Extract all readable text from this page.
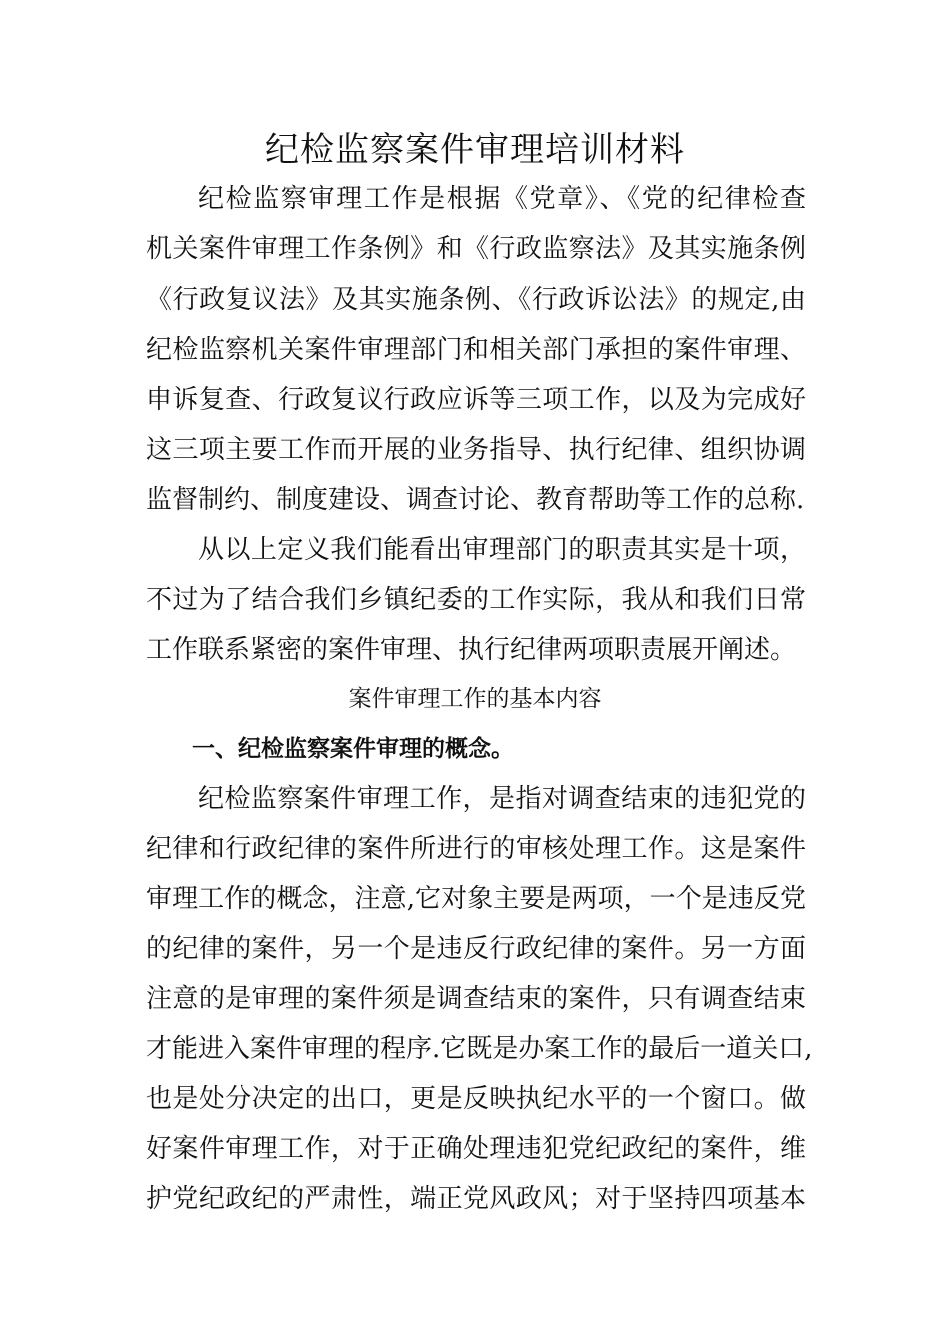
纪检监察案件审理培训材料
纪检监察审理工作是根据《党章》、《党的纪律检查
机关案件审理工作条例》和《行政监察法》及其实施条例
《行政复议法》及其实施条例、《行政诉讼法》的规定,由
纪检监察机关案件审理部门和相关部门承担的案件审理、
申诉复查、行政复议行政应诉等三项工作，以及为完成好
这三项主要工作而开展的业务指导、执行纪律、组织协调
监督制约、制度建设、调查讨论、教育帮助等工作的总称.
从以上定义我们能看出审理部门的职责其实是十项，
不过为了结合我们乡镇纪委的工作实际，我从和我们日常
工作联系紧密的案件审理、执行纪律两项职责展开阐述。
案件审理工作的基本内容
一、纪检监察案件审理的概念。
纪检监察案件审理工作，是指对调查结束的违犯党的
纪律和行政纪律的案件所进行的审核处理工作。这是案件
审理工作的概念，注意,它对象主要是两项，一个是违反党
的纪律的案件，另一个是违反行政纪律的案件。另一方面
注意的是审理的案件须是调查结束的案件，只有调查结束
才能进入案件审理的程序.它既是办案工作的最后一道关口,
也是处分决定的出口，更是反映执纪水平的一个窗口。做
好案件审理工作，对于正确处理违犯党纪政纪的案件，维
护党纪政纪的严肃性，端正党风政风；对于坚持四项基本
